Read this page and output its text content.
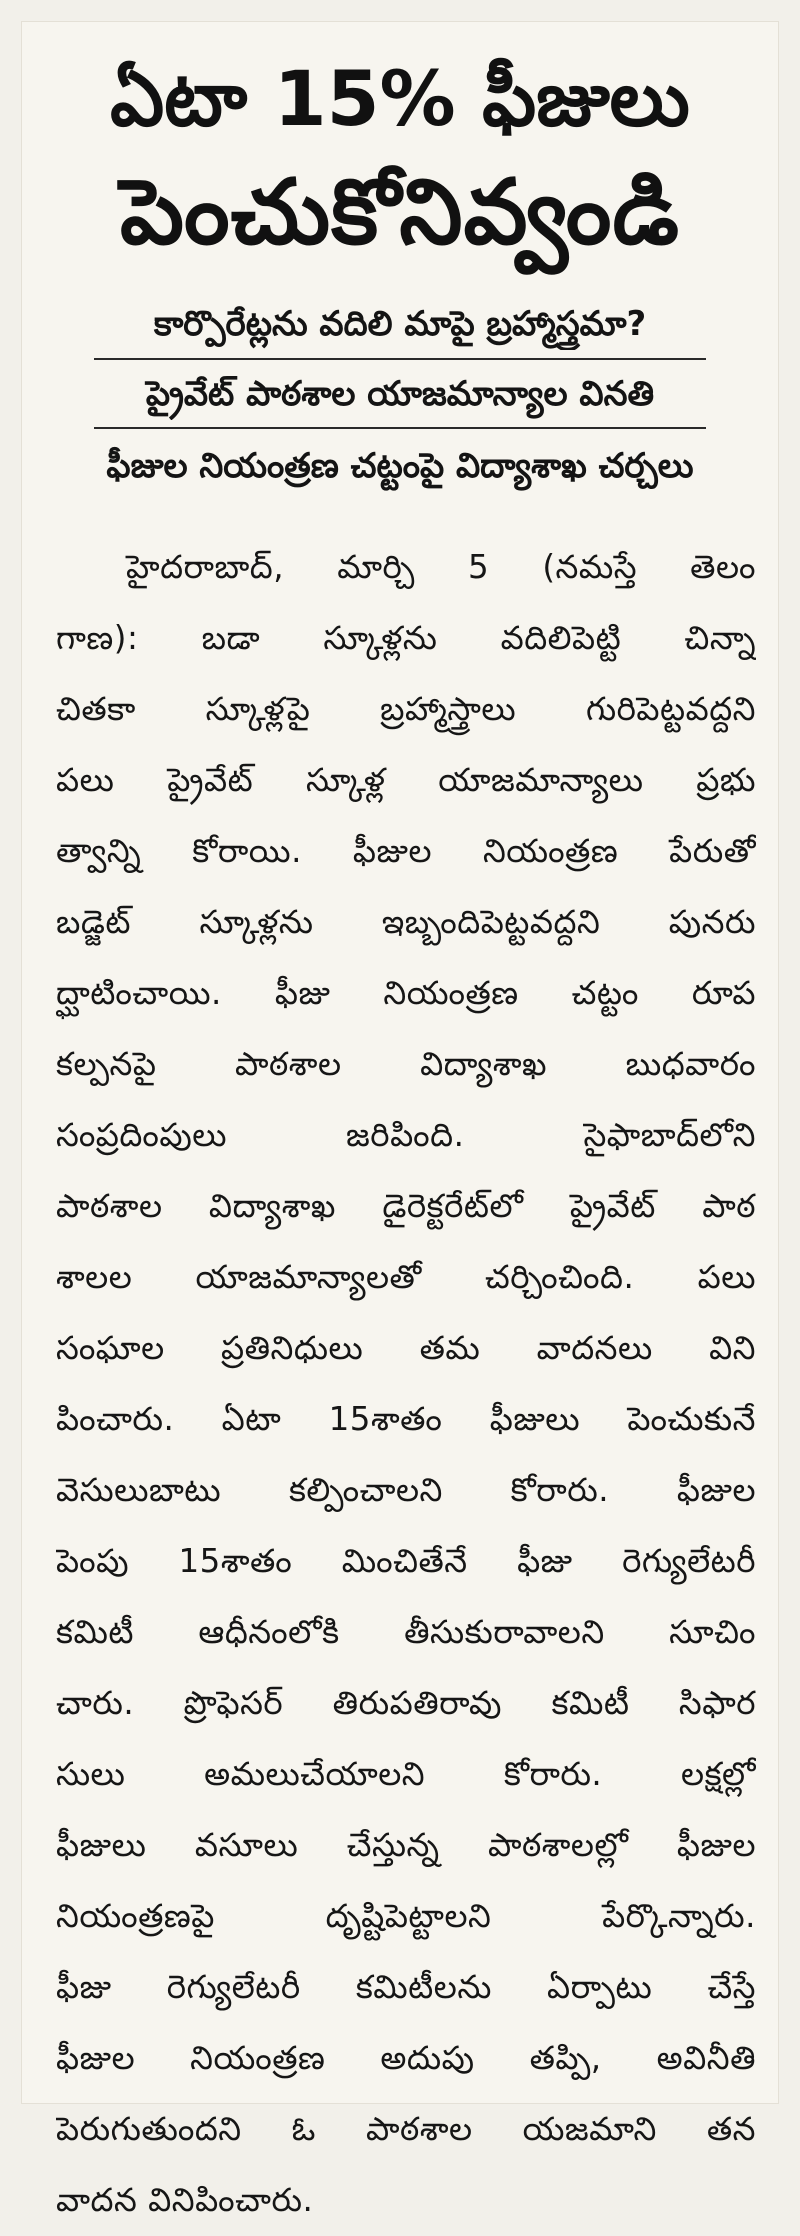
ఏటా 15% ఫీజులు
పెంచుకోనివ్వండి
కార్పొరేట్లను వదిలి మాపై బ్రహ్మాస్త్రమా?
ప్రైవేట్ పాఠశాల యాజమాన్యాల వినతి
ఫీజుల నియంత్రణ చట్టంపై విద్యాశాఖ చర్చలు
హైదరాబాద్, మార్చి 5 (నమస్తే తెలం
గాణ): బడా స్కూళ్లను వదిలిపెట్టి చిన్నా
చితకా స్కూళ్లపై బ్రహ్మాస్త్రాలు గురిపెట్టవద్దని
పలు ప్రైవేట్ స్కూళ్ల యాజమాన్యాలు ప్రభు
త్వాన్ని కోరాయి. ఫీజుల నియంత్రణ పేరుతో
బడ్జెట్ స్కూళ్లను ఇబ్బందిపెట్టవద్దని పునరు
ద్ఘాటించాయి. ఫీజు నియంత్రణ చట్టం రూప
కల్పనపై పాఠశాల విద్యాశాఖ బుధవారం
సంప్రదింపులు జరిపింది. సైఫాబాద్‌లోని
పాఠశాల విద్యాశాఖ డైరెక్టరేట్‌లో ప్రైవేట్ పాఠ
శాలల యాజమాన్యాలతో చర్చించింది. పలు
సంఘాల ప్రతినిధులు తమ వాదనలు విని
పించారు. ఏటా 15శాతం ఫీజులు పెంచుకునే
వెసులుబాటు కల్పించాలని కోరారు. ఫీజుల
పెంపు 15శాతం మించితేనే ఫీజు రెగ్యులేటరీ
కమిటీ ఆధీనంలోకి తీసుకురావాలని సూచిం
చారు. ప్రొఫెసర్ తిరుపతిరావు కమిటీ సిఫార
సులు అమలుచేయాలని కోరారు. లక్షల్లో
ఫీజులు వసూలు చేస్తున్న పాఠశాలల్లో ఫీజుల
నియంత్రణపై దృష్టిపెట్టాలని పేర్కొన్నారు.
ఫీజు రెగ్యులేటరీ కమిటీలను ఏర్పాటు చేస్తే
ఫీజుల నియంత్రణ అదుపు తప్పి, అవినీతి
పెరుగుతుందని ఓ పాఠశాల యజమాని తన
వాదన వినిపించారు.
